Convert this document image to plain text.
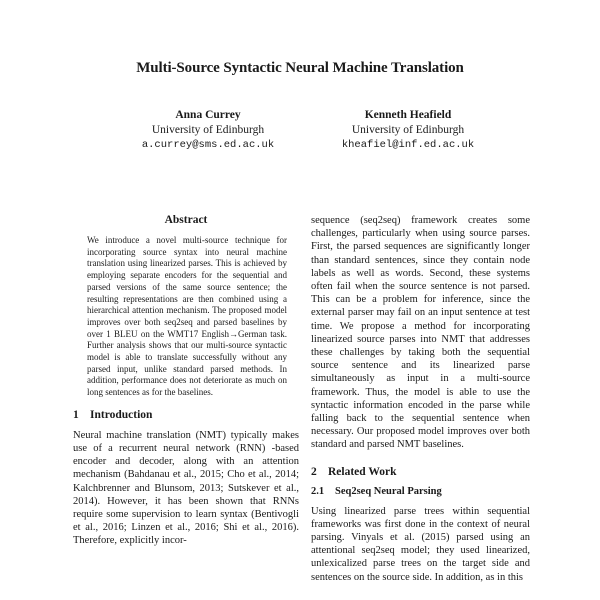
Multi-Source Syntactic Neural Machine Translation
Anna Currey
University of Edinburgh
a.currey@sms.ed.ac.uk
Kenneth Heafield
University of Edinburgh
kheafiel@inf.ed.ac.uk
Abstract

We introduce a novel multi-source technique for incorporating source syntax into neural machine translation using linearized parses. This is achieved by employing separate encoders for the sequential and parsed versions of the same source sentence; the resulting representations are then combined using a hierarchical attention mechanism. The proposed model improves over both seq2seq and parsed baselines by over 1 BLEU on the WMT17 English→German task. Further analysis shows that our multi-source syntactic model is able to translate successfully without any parsed input, unlike standard parsed methods. In addition, performance does not deteriorate as much on long sentences as for the baselines.

1 Introduction

Neural machine translation (NMT) typically makes use of a recurrent neural network (RNN) -based encoder and decoder, along with an attention mechanism (Bahdanau et al., 2015; Cho et al., 2014; Kalchbrenner and Blunsom, 2013; Sutskever et al., 2014). However, it has been shown that RNNs require some supervision to learn syntax (Bentivogli et al., 2016; Linzen et al., 2016; Shi et al., 2016). Therefore, explicitly incor-

sequence (seq2seq) framework creates some challenges, particularly when using source parses. First, the parsed sequences are significantly longer than standard sentences, since they contain node labels as well as words. Second, these systems often fail when the source sentence is not parsed. This can be a problem for inference, since the external parser may fail on an input sentence at test time. We propose a method for incorporating linearized source parses into NMT that addresses these challenges by taking both the sequential source sentence and its linearized parse simultaneously as input in a multi-source framework. Thus, the model is able to use the syntactic information encoded in the parse while falling back to the sequential sentence when necessary. Our proposed model improves over both standard and parsed NMT baselines.

2 Related Work
2.1 Seq2seq Neural Parsing

Using linearized parse trees within sequential frameworks was first done in the context of neural parsing. Vinyals et al. (2015) parsed using an attentional seq2seq model; they used linearized, unlexicalized parse trees on the target side and sentences on the source side. In addition, as in this
